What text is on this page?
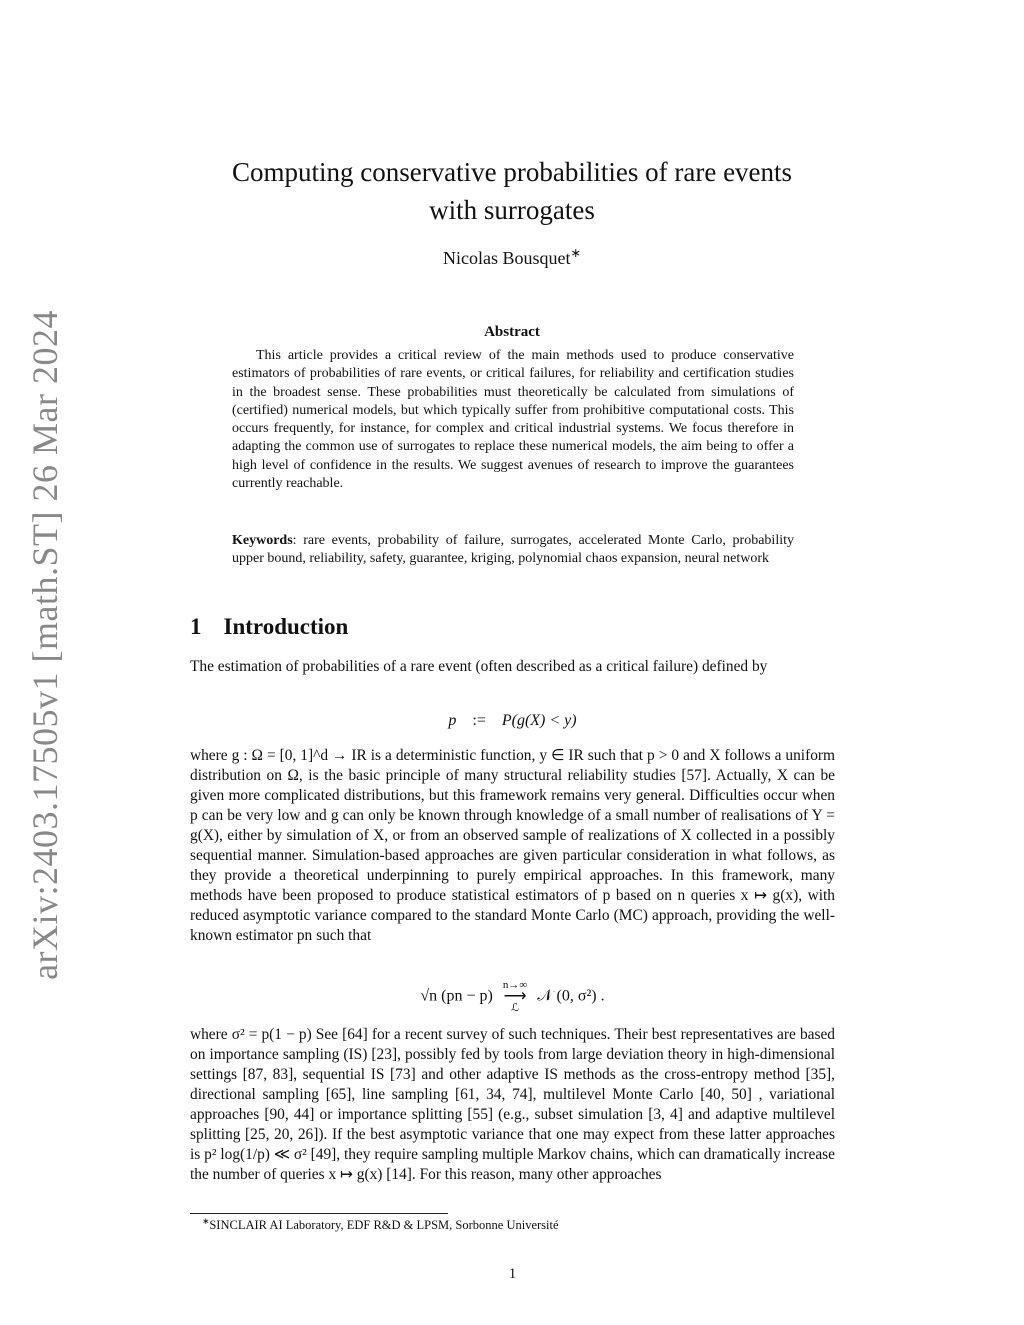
arXiv:2403.17505v1 [math.ST] 26 Mar 2024
Computing conservative probabilities of rare events
with surrogates
Nicolas Bousquet∗
Abstract

This article provides a critical review of the main methods used to produce conservative estimators of probabilities of rare events, or critical failures, for reliability and certification studies in the broadest sense. These probabilities must theoretically be calculated from simulations of (certified) numerical models, but which typically suffer from prohibitive computational costs. This occurs frequently, for instance, for complex and critical industrial systems. We focus therefore in adapting the common use of surrogates to replace these numerical models, the aim being to offer a high level of confidence in the results. We suggest avenues of research to improve the guarantees currently reachable.

Keywords: rare events, probability of failure, surrogates, accelerated Monte Carlo, probability upper bound, reliability, safety, guarantee, kriging, polynomial chaos expansion, neural network

1 Introduction

The estimation of probabilities of a rare event (often described as a critical failure) defined by

p := P(g(X) < y)

where g : Ω = [0, 1]^d → IR is a deterministic function, y ∈ IR such that p > 0 and X follows a uniform distribution on Ω, is the basic principle of many structural reliability studies [57]. Actually, X can be given more complicated distributions, but this framework remains very general. Difficulties occur when p can be very low and g can only be known through knowledge of a small number of realisations of Y = g(X), either by simulation of X, or from an observed sample of realizations of X collected in a possibly sequential manner. Simulation-based approaches are given particular consideration in what follows, as they provide a theoretical underpinning to purely empirical approaches. In this framework, many methods have been proposed to produce statistical estimators of p based on n queries x ↦ g(x), with reduced asymptotic variance compared to the standard Monte Carlo (MC) approach, providing the well-known estimator pn such that

√n (pn − p) n→∞
⟶
ℒ 𝒩 (0, σ²) .

where σ² = p(1 − p) See [64] for a recent survey of such techniques. Their best representatives are based on importance sampling (IS) [23], possibly fed by tools from large deviation theory in high-dimensional settings [87, 83], sequential IS [73] and other adaptive IS methods as the cross-entropy method [35], directional sampling [65], line sampling [61, 34, 74], multilevel Monte Carlo [40, 50] , variational approaches [90, 44] or importance splitting [55] (e.g., subset simulation [3, 4] and adaptive multilevel splitting [25, 20, 26]). If the best asymptotic variance that one may expect from these latter approaches is p² log(1/p) ≪ σ² [49], they require sampling multiple Markov chains, which can dramatically increase the number of queries x ↦ g(x) [14]. For this reason, many other approaches

∗SINCLAIR AI Laboratory, EDF R&D & LPSM, Sorbonne Université
1
